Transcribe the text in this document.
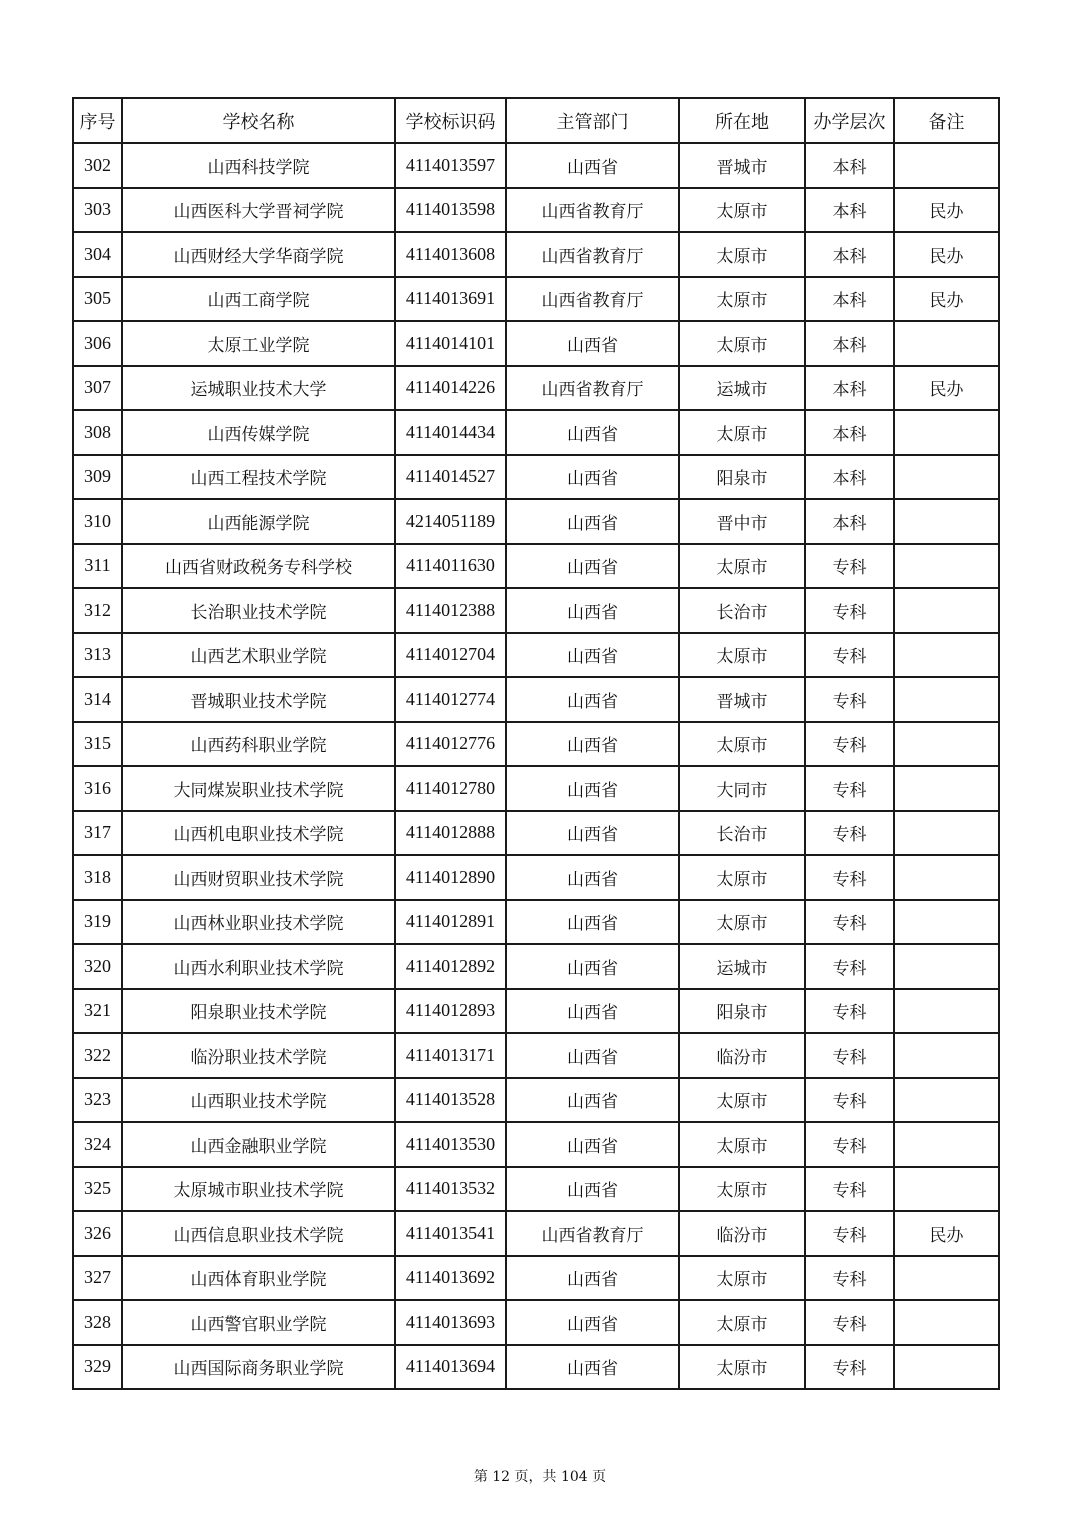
序号	学校名称	学校标识码	主管部门	所在地	办学层次	备注
302	山西科技学院	4114013597	山西省	晋城市	本科	
303	山西医科大学晋祠学院	4114013598	山西省教育厅	太原市	本科	民办
304	山西财经大学华商学院	4114013608	山西省教育厅	太原市	本科	民办
305	山西工商学院	4114013691	山西省教育厅	太原市	本科	民办
306	太原工业学院	4114014101	山西省	太原市	本科	
307	运城职业技术大学	4114014226	山西省教育厅	运城市	本科	民办
308	山西传媒学院	4114014434	山西省	太原市	本科	
309	山西工程技术学院	4114014527	山西省	阳泉市	本科	
310	山西能源学院	4214051189	山西省	晋中市	本科	
311	山西省财政税务专科学校	4114011630	山西省	太原市	专科	
312	长治职业技术学院	4114012388	山西省	长治市	专科	
313	山西艺术职业学院	4114012704	山西省	太原市	专科	
314	晋城职业技术学院	4114012774	山西省	晋城市	专科	
315	山西药科职业学院	4114012776	山西省	太原市	专科	
316	大同煤炭职业技术学院	4114012780	山西省	大同市	专科	
317	山西机电职业技术学院	4114012888	山西省	长治市	专科	
318	山西财贸职业技术学院	4114012890	山西省	太原市	专科	
319	山西林业职业技术学院	4114012891	山西省	太原市	专科	
320	山西水利职业技术学院	4114012892	山西省	运城市	专科	
321	阳泉职业技术学院	4114012893	山西省	阳泉市	专科	
322	临汾职业技术学院	4114013171	山西省	临汾市	专科	
323	山西职业技术学院	4114013528	山西省	太原市	专科	
324	山西金融职业学院	4114013530	山西省	太原市	专科	
325	太原城市职业技术学院	4114013532	山西省	太原市	专科	
326	山西信息职业技术学院	4114013541	山西省教育厅	临汾市	专科	民办
327	山西体育职业学院	4114013692	山西省	太原市	专科	
328	山西警官职业学院	4114013693	山西省	太原市	专科	
329	山西国际商务职业学院	4114013694	山西省	太原市	专科	
第 12 页，共 104 页
